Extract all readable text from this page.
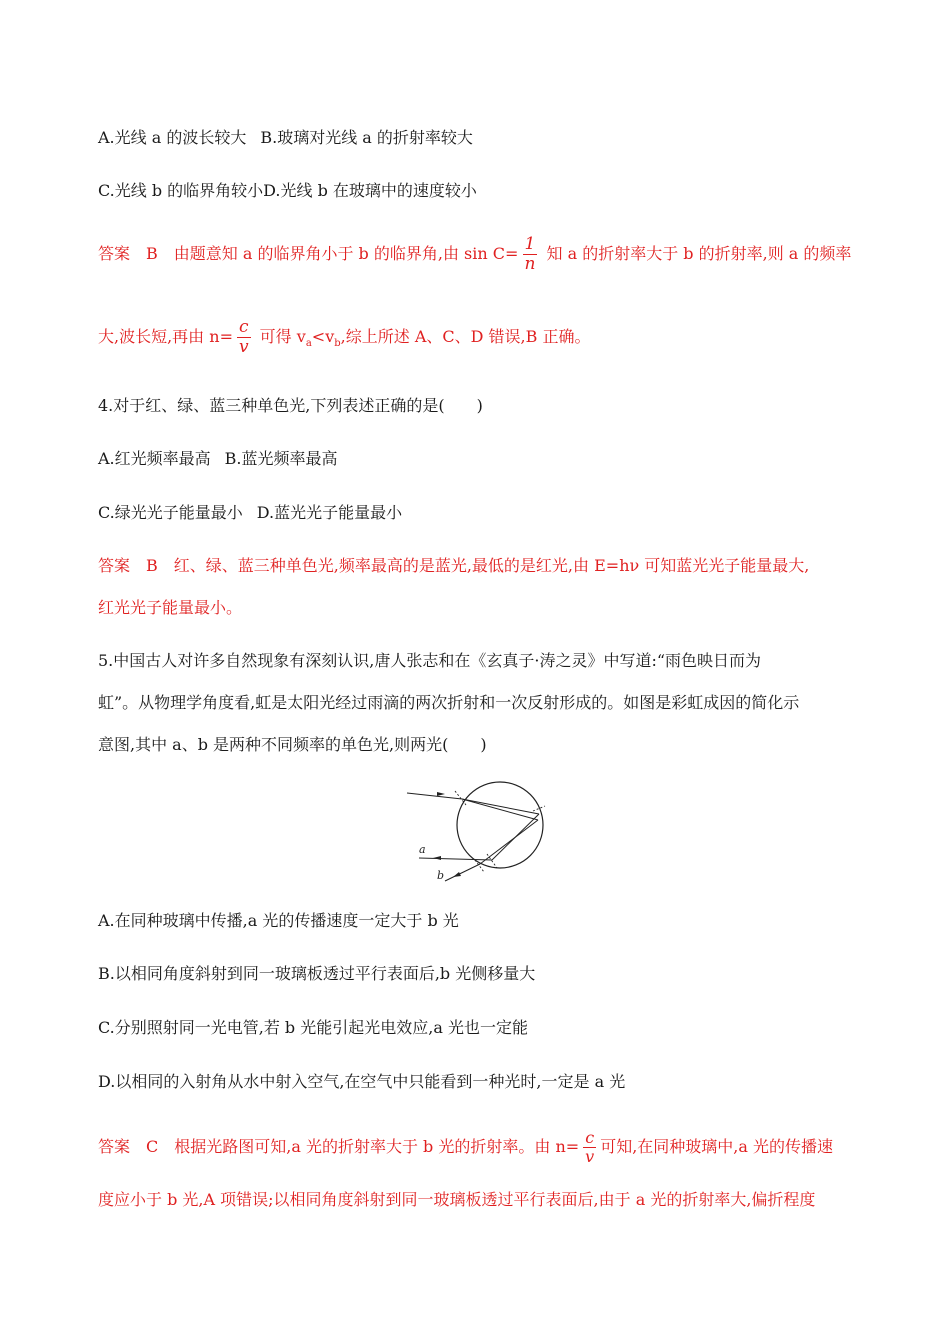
A.光线 a 的波长较大 B.玻璃对光线 a 的折射率较大
C.光线 b 的临界角较小D.光线 b 在玻璃中的速度较小
答案　B　由题意知 a 的临界角小于 b 的临界角,由 $\sin C= \frac{1}{n}$ 知 a 的折射率大于 b 的折射率,则 a 的频率
大,波长短,再由 $n= \frac{c}{v}$ 可得 $v_a<v_b$,综上所述 A、C、D 错误,B 正确。
4.对于红、绿、蓝三种单色光,下列表述正确的是(　　)
A.红光频率最高 B.蓝光频率最高
C.绿光光子能量最小 D.蓝光光子能量最小
答案　B　红、绿、蓝三种单色光,频率最高的是蓝光,最低的是红光,由 E=hν 可知蓝光光子能量最大,
红光光子能量最小。
5.中国古人对许多自然现象有深刻认识,唐人张志和在《玄真子·涛之灵》中写道:“雨色映日而为
虹”。从物理学角度看,虹是太阳光经过雨滴的两次折射和一次反射形成的。如图是彩虹成因的简化示
意图,其中 a、b 是两种不同频率的单色光,则两光(　　)
a
b
A.在同种玻璃中传播,a 光的传播速度一定大于 b 光
B.以相同角度斜射到同一玻璃板透过平行表面后,b 光侧移量大
C.分别照射同一光电管,若 b 光能引起光电效应,a 光也一定能
D.以相同的入射角从水中射入空气,在空气中只能看到一种光时,一定是 a 光
答案　C　根据光路图可知,a 光的折射率大于 b 光的折射率。由 $n= \frac{c}{v}$ 可知,在同种玻璃中,a 光的传播速
度应小于 b 光,A 项错误;以相同角度斜射到同一玻璃板透过平行表面后,由于 a 光的折射率大,偏折程度
